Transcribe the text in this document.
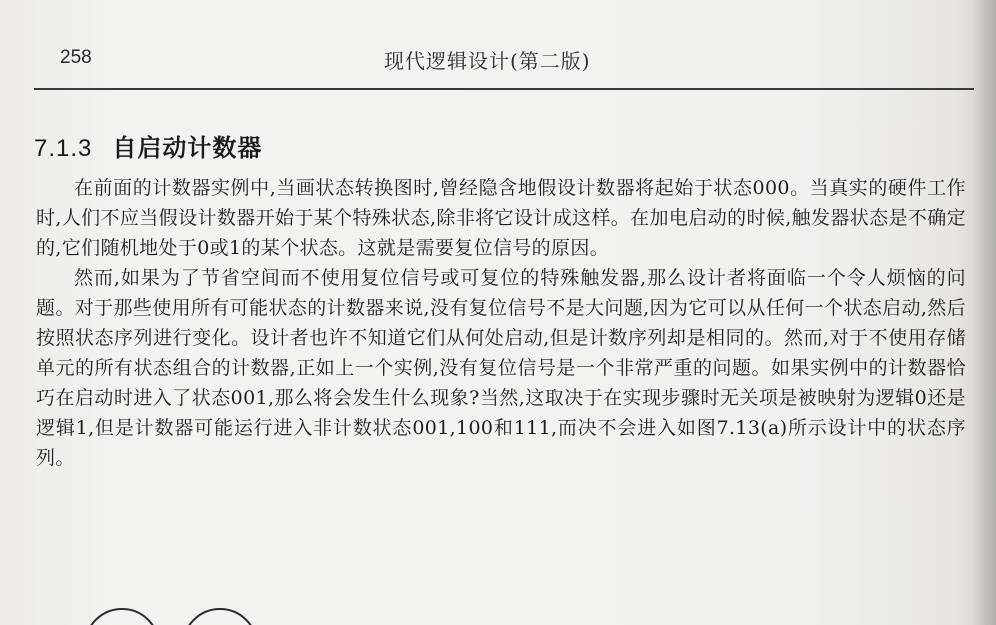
258	现代逻辑设计(第二版)
7.1.3 自启动计数器

在前面的计数器实例中,当画状态转换图时,曾经隐含地假设计数器将起始于状态000。当真实的硬件工作时,人们不应当假设计数器开始于某个特殊状态,除非将它设计成这样。在加电启动的时候,触发器状态是不确定的,它们随机地处于0或1的某个状态。这就是需要复位信号的原因。

然而,如果为了节省空间而不使用复位信号或可复位的特殊触发器,那么设计者将面临一个令人烦恼的问题。对于那些使用所有可能状态的计数器来说,没有复位信号不是大问题,因为它可以从任何一个状态启动,然后按照状态序列进行变化。设计者也许不知道它们从何处启动,但是计数序列却是相同的。然而,对于不使用存储单元的所有状态组合的计数器,正如上一个实例,没有复位信号是一个非常严重的问题。如果实例中的计数器恰巧在启动时进入了状态001,那么将会发生什么现象?当然,这取决于在实现步骤时无关项是被映射为逻辑0还是逻辑1,但是计数器可能运行进入非计数状态001,100和111,而决不会进入如图7.13(a)所示设计中的状态序列。
